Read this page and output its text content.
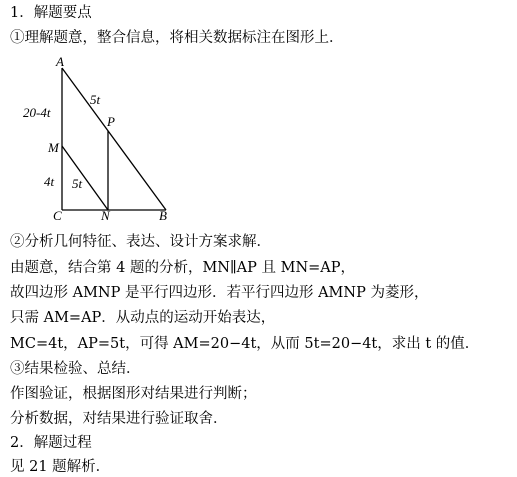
1．解题要点
①理解题意，整合信息，将相关数据标注在图形上．
A
P
M
C	N	B
20-4t
4t
5t
5t
②分析几何特征、表达、设计方案求解．
由题意，结合第 4 题的分析，MN∥AP 且 MN=AP，
故四边形 AMNP 是平行四边形．若平行四边形 AMNP 为菱形，
只需 AM=AP．从动点的运动开始表达，
MC=4t，AP=5t，可得 AM=20−4t，从而 5t=20−4t，求出 t 的值．
③结果检验、总结．
作图验证，根据图形对结果进行判断；
分析数据，对结果进行验证取舍．
2．解题过程
见 21 题解析．
